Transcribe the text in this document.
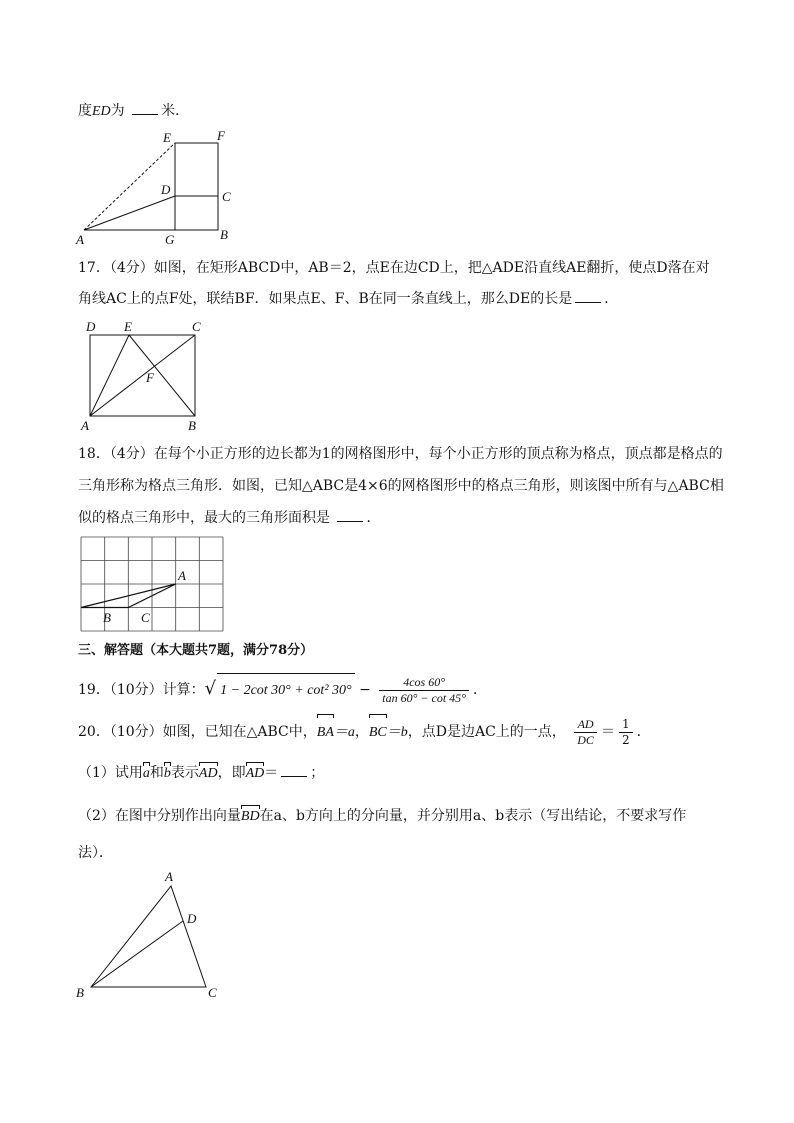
度ED为	米．
E	F
D	C
A	G	B
17．（4分）如图，在矩形ABCD中，AB＝2，点E在边CD上，把△ADE沿直线AE翻折，使点D落在对
角线AC上的点F处，联结BF．如果点E、F、B在同一条直线上，那么DE的长是 ．
D E	C
F
A	B
18．（4分）在每个小正方形的边长都为1的网格图形中，每个小正方形的顶点称为格点，顶点都是格点的
三角形称为格点三角形．如图，已知△ABC是4×6的网格图形中的格点三角形，则该图中所有与△ABC相
似的格点三角形中，最大的三角形面积是	．
A
B C
三、解答题（本大题共7题，满分78分）
19．（10分）计算：√ 1 − 2cot 30° + cot² $30^\circ - \frac{4\cos 60^\circ}{\tan 60^\circ - \cot 45^\circ}$ ．
20．（10分）如图，已知在△ABC中，BA＝a，BC＝b，点D是边AC上的一点， $\frac{AD}{DC} = \frac{1}{2}$ ．
（1）试用a和b表示AD，即AD＝ ；
（2）在图中分别作出向量BD在a、b方向上的分向量，并分别用a、b表示（写出结论，不要求写作
法）．
A
D
B	C
